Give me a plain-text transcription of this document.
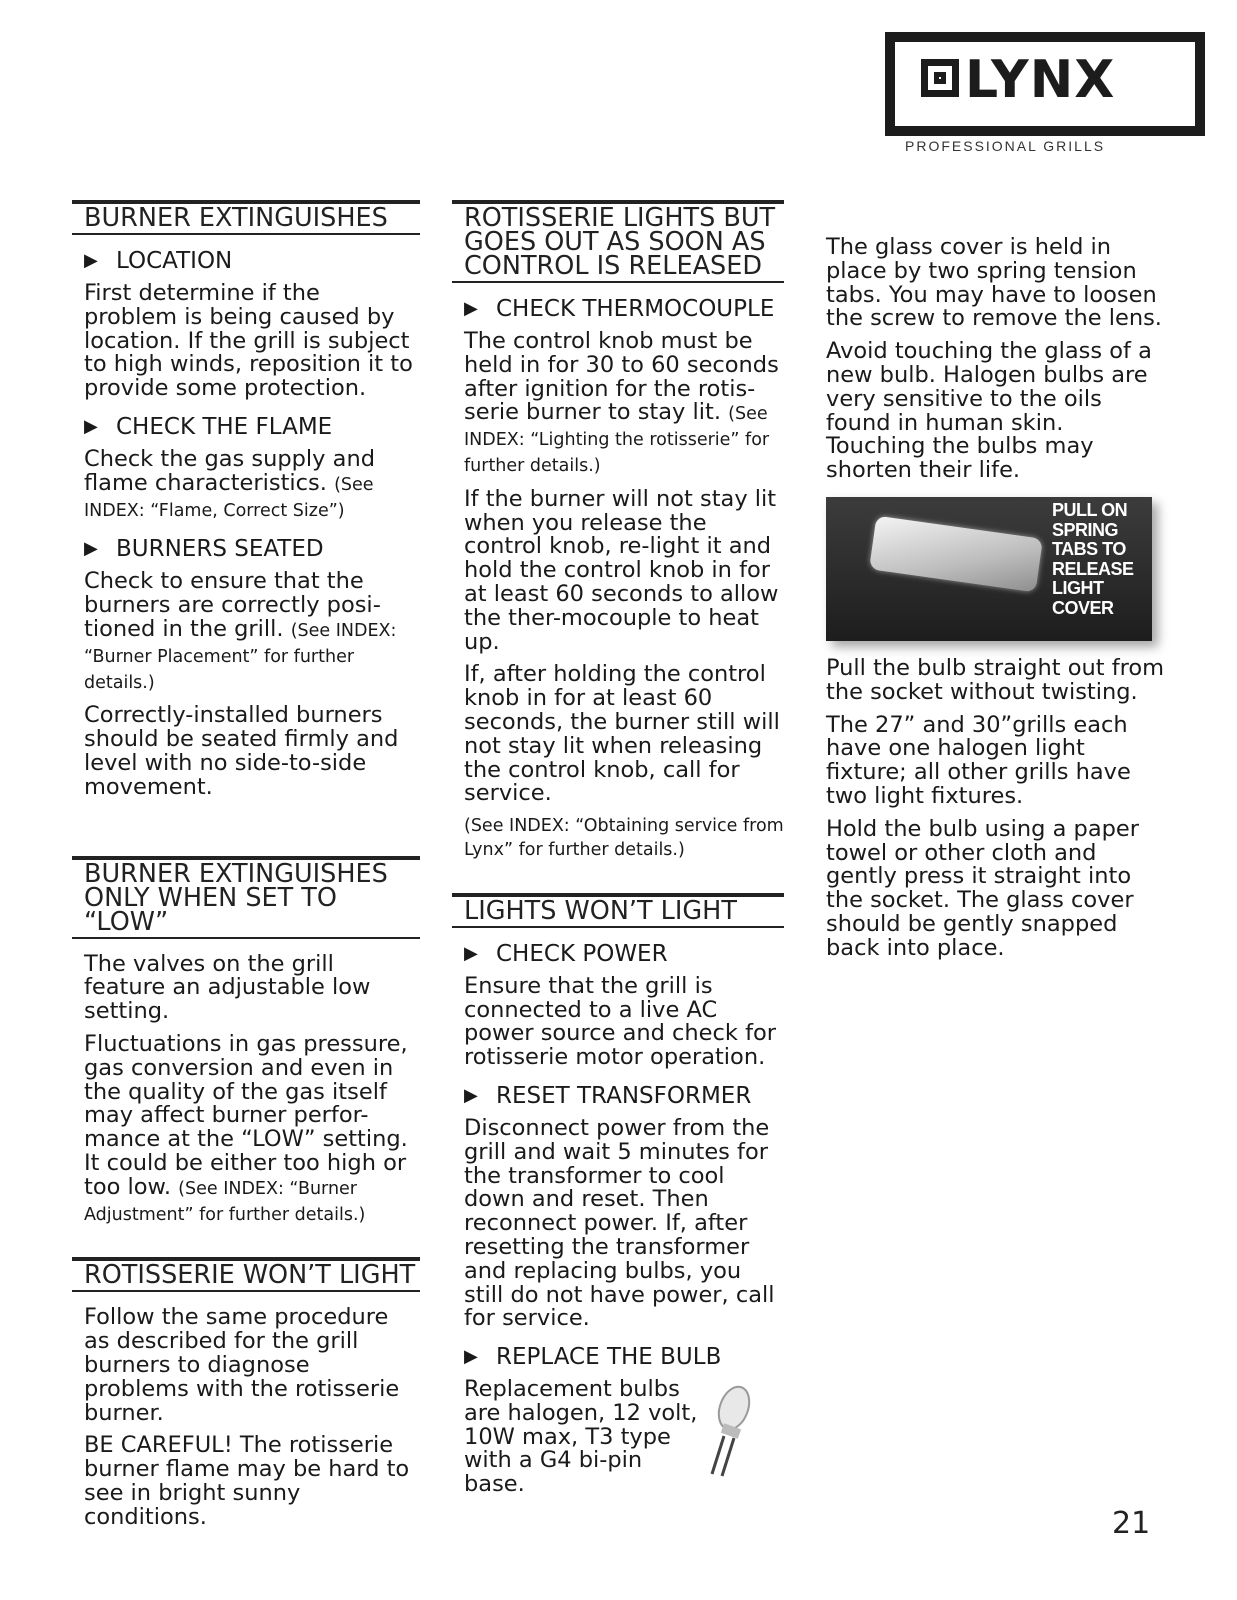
LYNX
PROFESSIONAL GRILLS
BURNER EXTINGUISHES
▶ LOCATION
First determine if the problem is being caused by location. If the grill is subject to high winds, reposition it to provide some protection.
▶ CHECK THE FLAME
Check the gas supply and flame characteristics. (See INDEX: “Flame, Correct Size”)
▶ BURNERS SEATED
Check to ensure that the burners are correctly posi-tioned in the grill. (See INDEX: “Burner Placement” for further details.)
Correctly-installed burners should be seated firmly and level with no side-to-side movement.
BURNER EXTINGUISHES ONLY WHEN SET TO “LOW”
The valves on the grill feature an adjustable low setting.
Fluctuations in gas pressure, gas conversion and even in the quality of the gas itself may affect burner perfor-mance at the “LOW” setting. It could be either too high or too low. (See INDEX: “Burner Adjustment” for further details.)
ROTISSERIE WON’T LIGHT
Follow the same procedure as described for the grill burners to diagnose problems with the rotisserie burner.
BE CAREFUL! The rotisserie burner flame may be hard to see in bright sunny conditions.
ROTISSERIE LIGHTS BUT GOES OUT AS SOON AS CONTROL IS RELEASED
▶ CHECK THERMOCOUPLE
The control knob must be held in for 30 to 60 seconds after ignition for the rotis-serie burner to stay lit. (See INDEX: “Lighting the rotisserie” for further details.)
If the burner will not stay lit when you release the control knob, re-light it and hold the control knob in for at least 60 seconds to allow the ther-mocouple to heat up.
If, after holding the control knob in for at least 60 seconds, the burner still will not stay lit when releasing the control knob, call for service.
(See INDEX: “Obtaining service from Lynx” for further details.)
LIGHTS WON’T LIGHT
▶ CHECK POWER
Ensure that the grill is connected to a live AC power source and check for rotisserie motor operation.
▶ RESET TRANSFORMER
Disconnect power from the grill and wait 5 minutes for the transformer to cool down and reset. Then reconnect power. If, after resetting the transformer and replacing bulbs, you still do not have power, call for service.
▶ REPLACE THE BULB
Replacement bulbs are halogen, 12 volt, 10W max, T3 type with a G4 bi-pin base.
The glass cover is held in place by two spring tension tabs. You may have to loosen the screw to remove the lens.
Avoid touching the glass of a new bulb. Halogen bulbs are very sensitive to the oils found in human skin. Touching the bulbs may shorten their life.
PULL ON SPRING TABS TO RELEASE LIGHT COVER
Pull the bulb straight out from the socket without twisting.
The 27” and 30”grills each have one halogen light fixture; all other grills have two light fixtures.
Hold the bulb using a paper towel or other cloth and gently press it straight into the socket. The glass cover should be gently snapped back into place.
21
